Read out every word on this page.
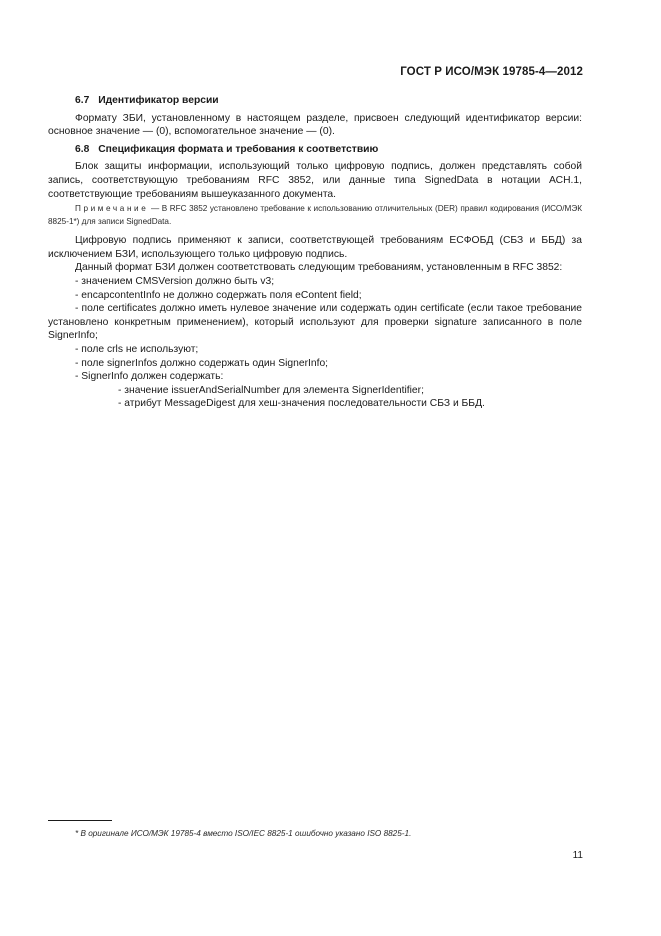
ГОСТ Р ИСО/МЭК 19785-4—2012
6.7 Идентификатор версии

Формату ЗБИ, установленному в настоящем разделе, присвоен следующий идентификатор версии: основное значение — (0), вспомогательное значение — (0).

6.8 Спецификация формата и требования к соответствию

Блок защиты информации, использующий только цифровую подпись, должен представлять собой запись, соответствующую требованиям RFC 3852, или данные типа SignedData в нотации АСН.1, соответствующие требованиям вышеуказанного документа.

Примечание — В RFC 3852 установлено требование к использованию отличительных (DER) правил кодирования (ИСО/МЭК 8825-1*) для записи SignedData.

Цифровую подпись применяют к записи, соответствующей требованиям ЕСФОБД (СБЗ и ББД) за исключением БЗИ, использующего только цифровую подпись.

Данный формат БЗИ должен соответствовать следующим требованиям, установленным в RFC 3852:

- значением CMSVersion должно быть v3;
- encapcontentInfo не должно содержать поля eContent field;
- поле certificates должно иметь нулевое значение или содержать один certificate (если такое требование установлено конкретным применением), который используют для проверки signature записанного в поле SignerInfo;
- поле crls не используют;
- поле signerInfos должно содержать один SignerInfo;
- SignerInfo должен содержать:
- значение issuerAndSerialNumber для элемента SignerIdentifier;
- атрибут MessageDigest для хеш-значения последовательности СБЗ и ББД.
* В оригинале ИСО/МЭК 19785-4 вместо ISO/IEC 8825-1 ошибочно указано ISO 8825-1.
11
